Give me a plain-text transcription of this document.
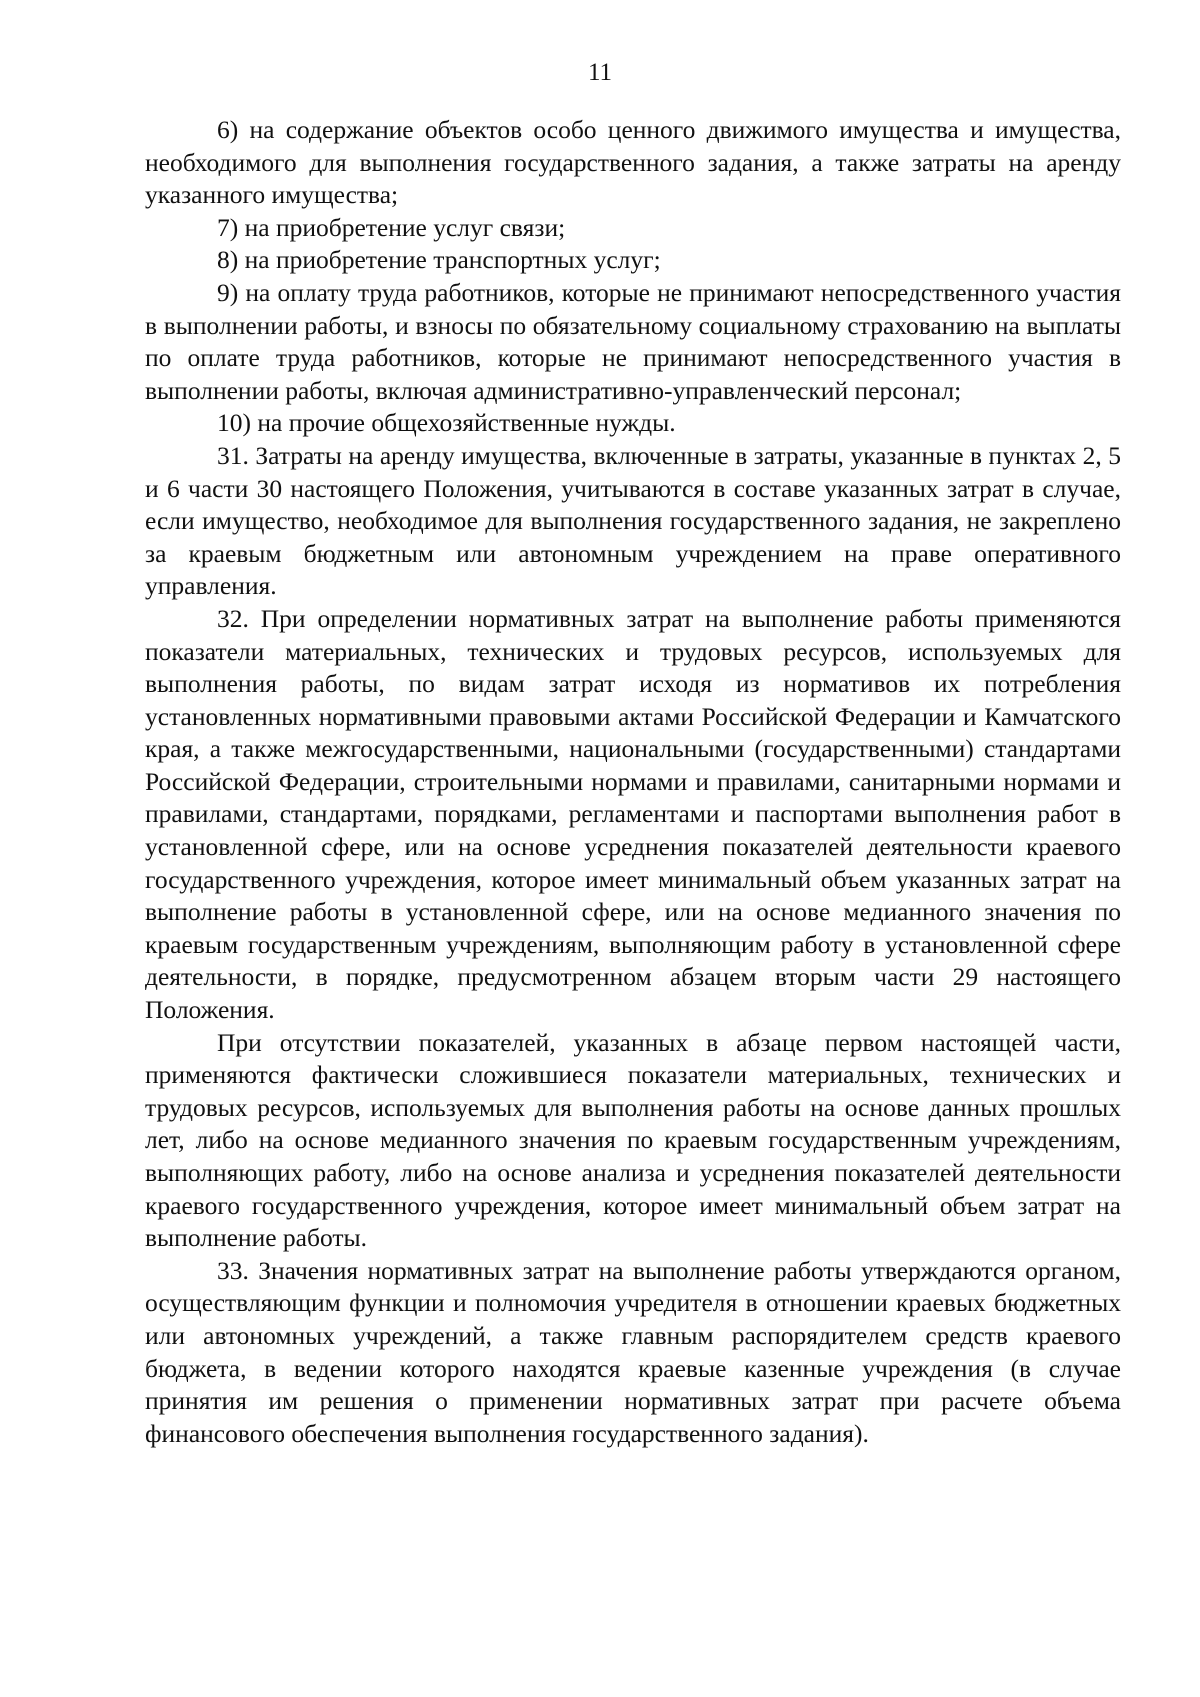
11

6) на содержание объектов особо ценного движимого имущества и имущества, необходимого для выполнения государственного задания, а также затраты на аренду указанного имущества;

7) на приобретение услуг связи;

8) на приобретение транспортных услуг;

9) на оплату труда работников, которые не принимают непосредственного участия в выполнении работы, и взносы по обязательному социальному страхованию на выплаты по оплате труда работников, которые не принимают непосредственного участия в выполнении работы, включая административно-управленческий персонал;

10) на прочие общехозяйственные нужды.

31. Затраты на аренду имущества, включенные в затраты, указанные в пунктах 2, 5 и 6 части 30 настоящего Положения, учитываются в составе указанных затрат в случае, если имущество, необходимое для выполнения государственного задания, не закреплено за краевым бюджетным или автономным учреждением на праве оперативного управления.

32. При определении нормативных затрат на выполнение работы применяются показатели материальных, технических и трудовых ресурсов, используемых для выполнения работы, по видам затрат исходя из нормативов их потребления установленных нормативными правовыми актами Российской Федерации и Камчатского края, а также межгосударственными, национальными (государственными) стандартами Российской Федерации, строительными нормами и правилами, санитарными нормами и правилами, стандартами, порядками, регламентами и паспортами выполнения работ в установленной сфере, или на основе усреднения показателей деятельности краевого государственного учреждения, которое имеет минимальный объем указанных затрат на выполнение работы в установленной сфере, или на основе медианного значения по краевым государственным учреждениям, выполняющим работу в установленной сфере деятельности, в порядке, предусмотренном абзацем вторым части 29 настоящего Положения.

При отсутствии показателей, указанных в абзаце первом настоящей части, применяются фактически сложившиеся показатели материальных, технических и трудовых ресурсов, используемых для выполнения работы на основе данных прошлых лет, либо на основе медианного значения по краевым государственным учреждениям, выполняющих работу, либо на основе анализа и усреднения показателей деятельности краевого государственного учреждения, которое имеет минимальный объем затрат на выполнение работы.

33. Значения нормативных затрат на выполнение работы утверждаются органом, осуществляющим функции и полномочия учредителя в отношении краевых бюджетных или автономных учреждений, а также главным распорядителем средств краевого бюджета, в ведении которого находятся краевые казенные учреждения (в случае принятия им решения о применении нормативных затрат при расчете объема финансового обеспечения выполнения государственного задания).
